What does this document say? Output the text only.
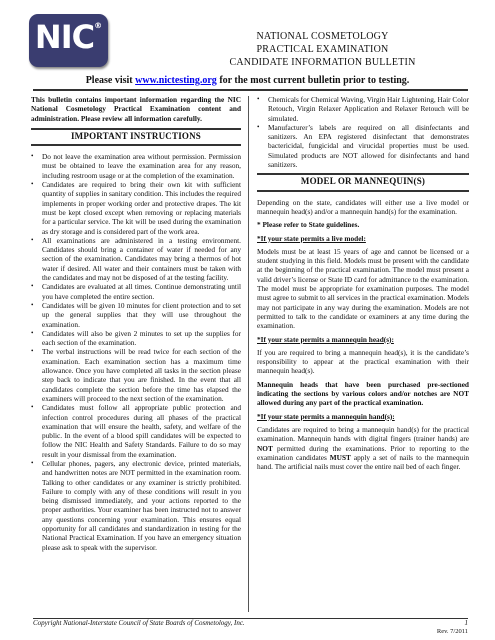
NIC®
NATIONAL COSMETOLOGY
PRACTICAL EXAMINATION
CANDIDATE INFORMATION BULLETIN
Please visit www.nictesting.org for the most current bulletin prior to testing.

This bulletin contains important information regarding the NIC National Cosmetology Practical Examination content and administration. Please review all information carefully.

IMPORTANT INSTRUCTIONS
• Do not leave the examination area without permission. Permission must be obtained to leave the examination area for any reason, including restroom usage or at the completion of the examination.
• Candidates are required to bring their own kit with sufficient quantity of supplies in sanitary condition. This includes the required implements in proper working order and protective drapes. The kit must be kept closed except when removing or replacing materials for a particular service. The kit will be used during the examination as dry storage and is considered part of the work area.
• All examinations are administered in a testing environment. Candidates should bring a container of water if needed for any section of the examination. Candidates may bring a thermos of hot water if desired. All water and their containers must be taken with the candidates and may not be disposed of at the testing facility.
• Candidates are evaluated at all times. Continue demonstrating until you have completed the entire section.
• Candidates will be given 10 minutes for client protection and to set up the general supplies that they will use throughout the examination.
• Candidates will also be given 2 minutes to set up the supplies for each section of the examination.
• The verbal instructions will be read twice for each section of the examination. Each examination section has a maximum time allowance. Once you have completed all tasks in the section please step back to indicate that you are finished. In the event that all candidates complete the section before the time has elapsed the examiners will proceed to the next section of the examination.
• Candidates must follow all appropriate public protection and infection control procedures during all phases of the practical examination that will ensure the health, safety, and welfare of the public. In the event of a blood spill candidates will be expected to follow the NIC Health and Safety Standards. Failure to do so may result in your dismissal from the examination.
• Cellular phones, pagers, any electronic device, printed materials, and handwritten notes are NOT permitted in the examination room. Talking to other candidates or any examiner is strictly prohibited. Failure to comply with any of these conditions will result in you being dismissed immediately, and your actions reported to the proper authorities. Your examiner has been instructed not to answer any questions concerning your examination. This ensures equal opportunity for all candidates and standardization in testing for the National Practical Examination. If you have an emergency situation please ask to speak with the supervisor.
• Chemicals for Chemical Waving, Virgin Hair Lightening, Hair Color Retouch, Virgin Relaxer Application and Relaxer Retouch will be simulated.
• Manufacturer’s labels are required on all disinfectants and sanitizers. An EPA registered disinfectant that demonstrates bactericidal, fungicidal and virucidal properties must be used. Simulated products are NOT allowed for disinfectants and hand sanitizers.
MODEL OR MANNEQUIN(S)

Depending on the state, candidates will either use a live model or mannequin head(s) and/or a mannequin hand(s) for the examination.

* Please refer to State guidelines.

*If your state permits a live model:

Models must be at least 15 years of age and cannot be licensed or a student studying in this field. Models must be present with the candidate at the beginning of the practical examination. The model must present a valid driver’s license or State ID card for admittance to the examination. The model must be appropriate for examination purposes. The model must agree to submit to all services in the practical examination. Models may not participate in any way during the examination. Models are not permitted to talk to the candidate or examiners at any time during the examination.

*If your state permits a mannequin head(s):

If you are required to bring a mannequin head(s), it is the candidate’s responsibility to appear at the practical examination with their mannequin head(s).

Mannequin heads that have been purchased pre-sectioned indicating the sections by various colors and/or notches are NOT allowed during any part of the practical examination.

*If your state permits a mannequin hand(s):

Candidates are required to bring a mannequin hand(s) for the practical examination. Mannequin hands with digital fingers (trainer hands) are NOT permitted during the examinations. Prior to reporting to the examination candidates MUST apply a set of nails to the mannequin hand. The artificial nails must cover the entire nail bed of each finger.

Copyright National-Interstate Council of State Boards of Cosmetology, Inc.	1
Rev. 7/2011
